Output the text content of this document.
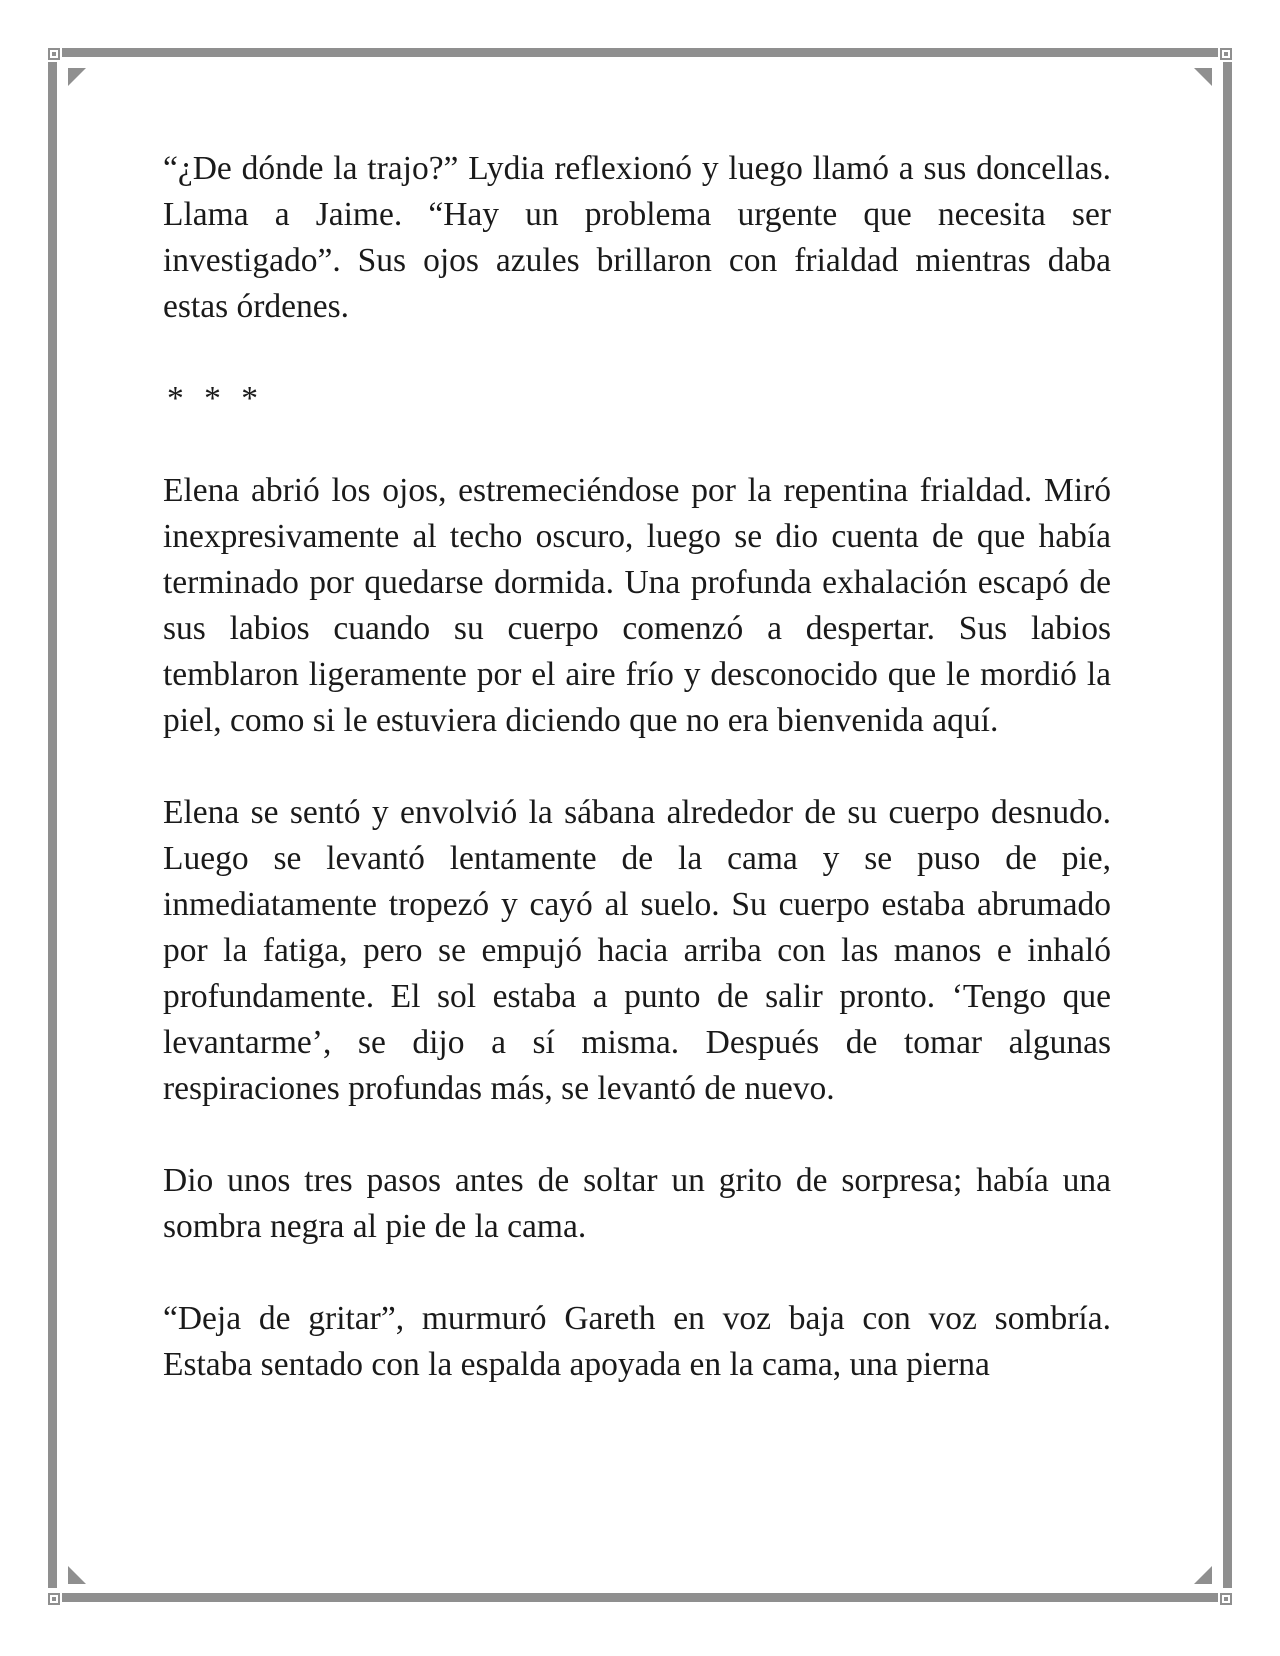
“¿De dónde la trajo?” Lydia reflexionó y luego llamó a sus doncellas. Llama a Jaime. “Hay un problema urgente que necesita ser investigado”. Sus ojos azules brillaron con frialdad mientras daba estas órdenes.

* * *

Elena abrió los ojos, estremeciéndose por la repentina frialdad. Miró inexpresivamente al techo oscuro, luego se dio cuenta de que había terminado por quedarse dormida. Una profunda exhalación escapó de sus labios cuando su cuerpo comenzó a despertar. Sus labios temblaron ligeramente por el aire frío y desconocido que le mordió la piel, como si le estuviera diciendo que no era bienvenida aquí.

Elena se sentó y envolvió la sábana alrededor de su cuerpo desnudo. Luego se levantó lentamente de la cama y se puso de pie, inmediatamente tropezó y cayó al suelo. Su cuerpo estaba abrumado por la fatiga, pero se empujó hacia arriba con las manos e inhaló profundamente. El sol estaba a punto de salir pronto. ‘Tengo que levantarme’, se dijo a sí misma. Después de tomar algunas respiraciones profundas más, se levantó de nuevo.

Dio unos tres pasos antes de soltar un grito de sorpresa; había una sombra negra al pie de la cama.

“Deja de gritar”, murmuró Gareth en voz baja con voz sombría. Estaba sentado con la espalda apoyada en la cama, una pierna
